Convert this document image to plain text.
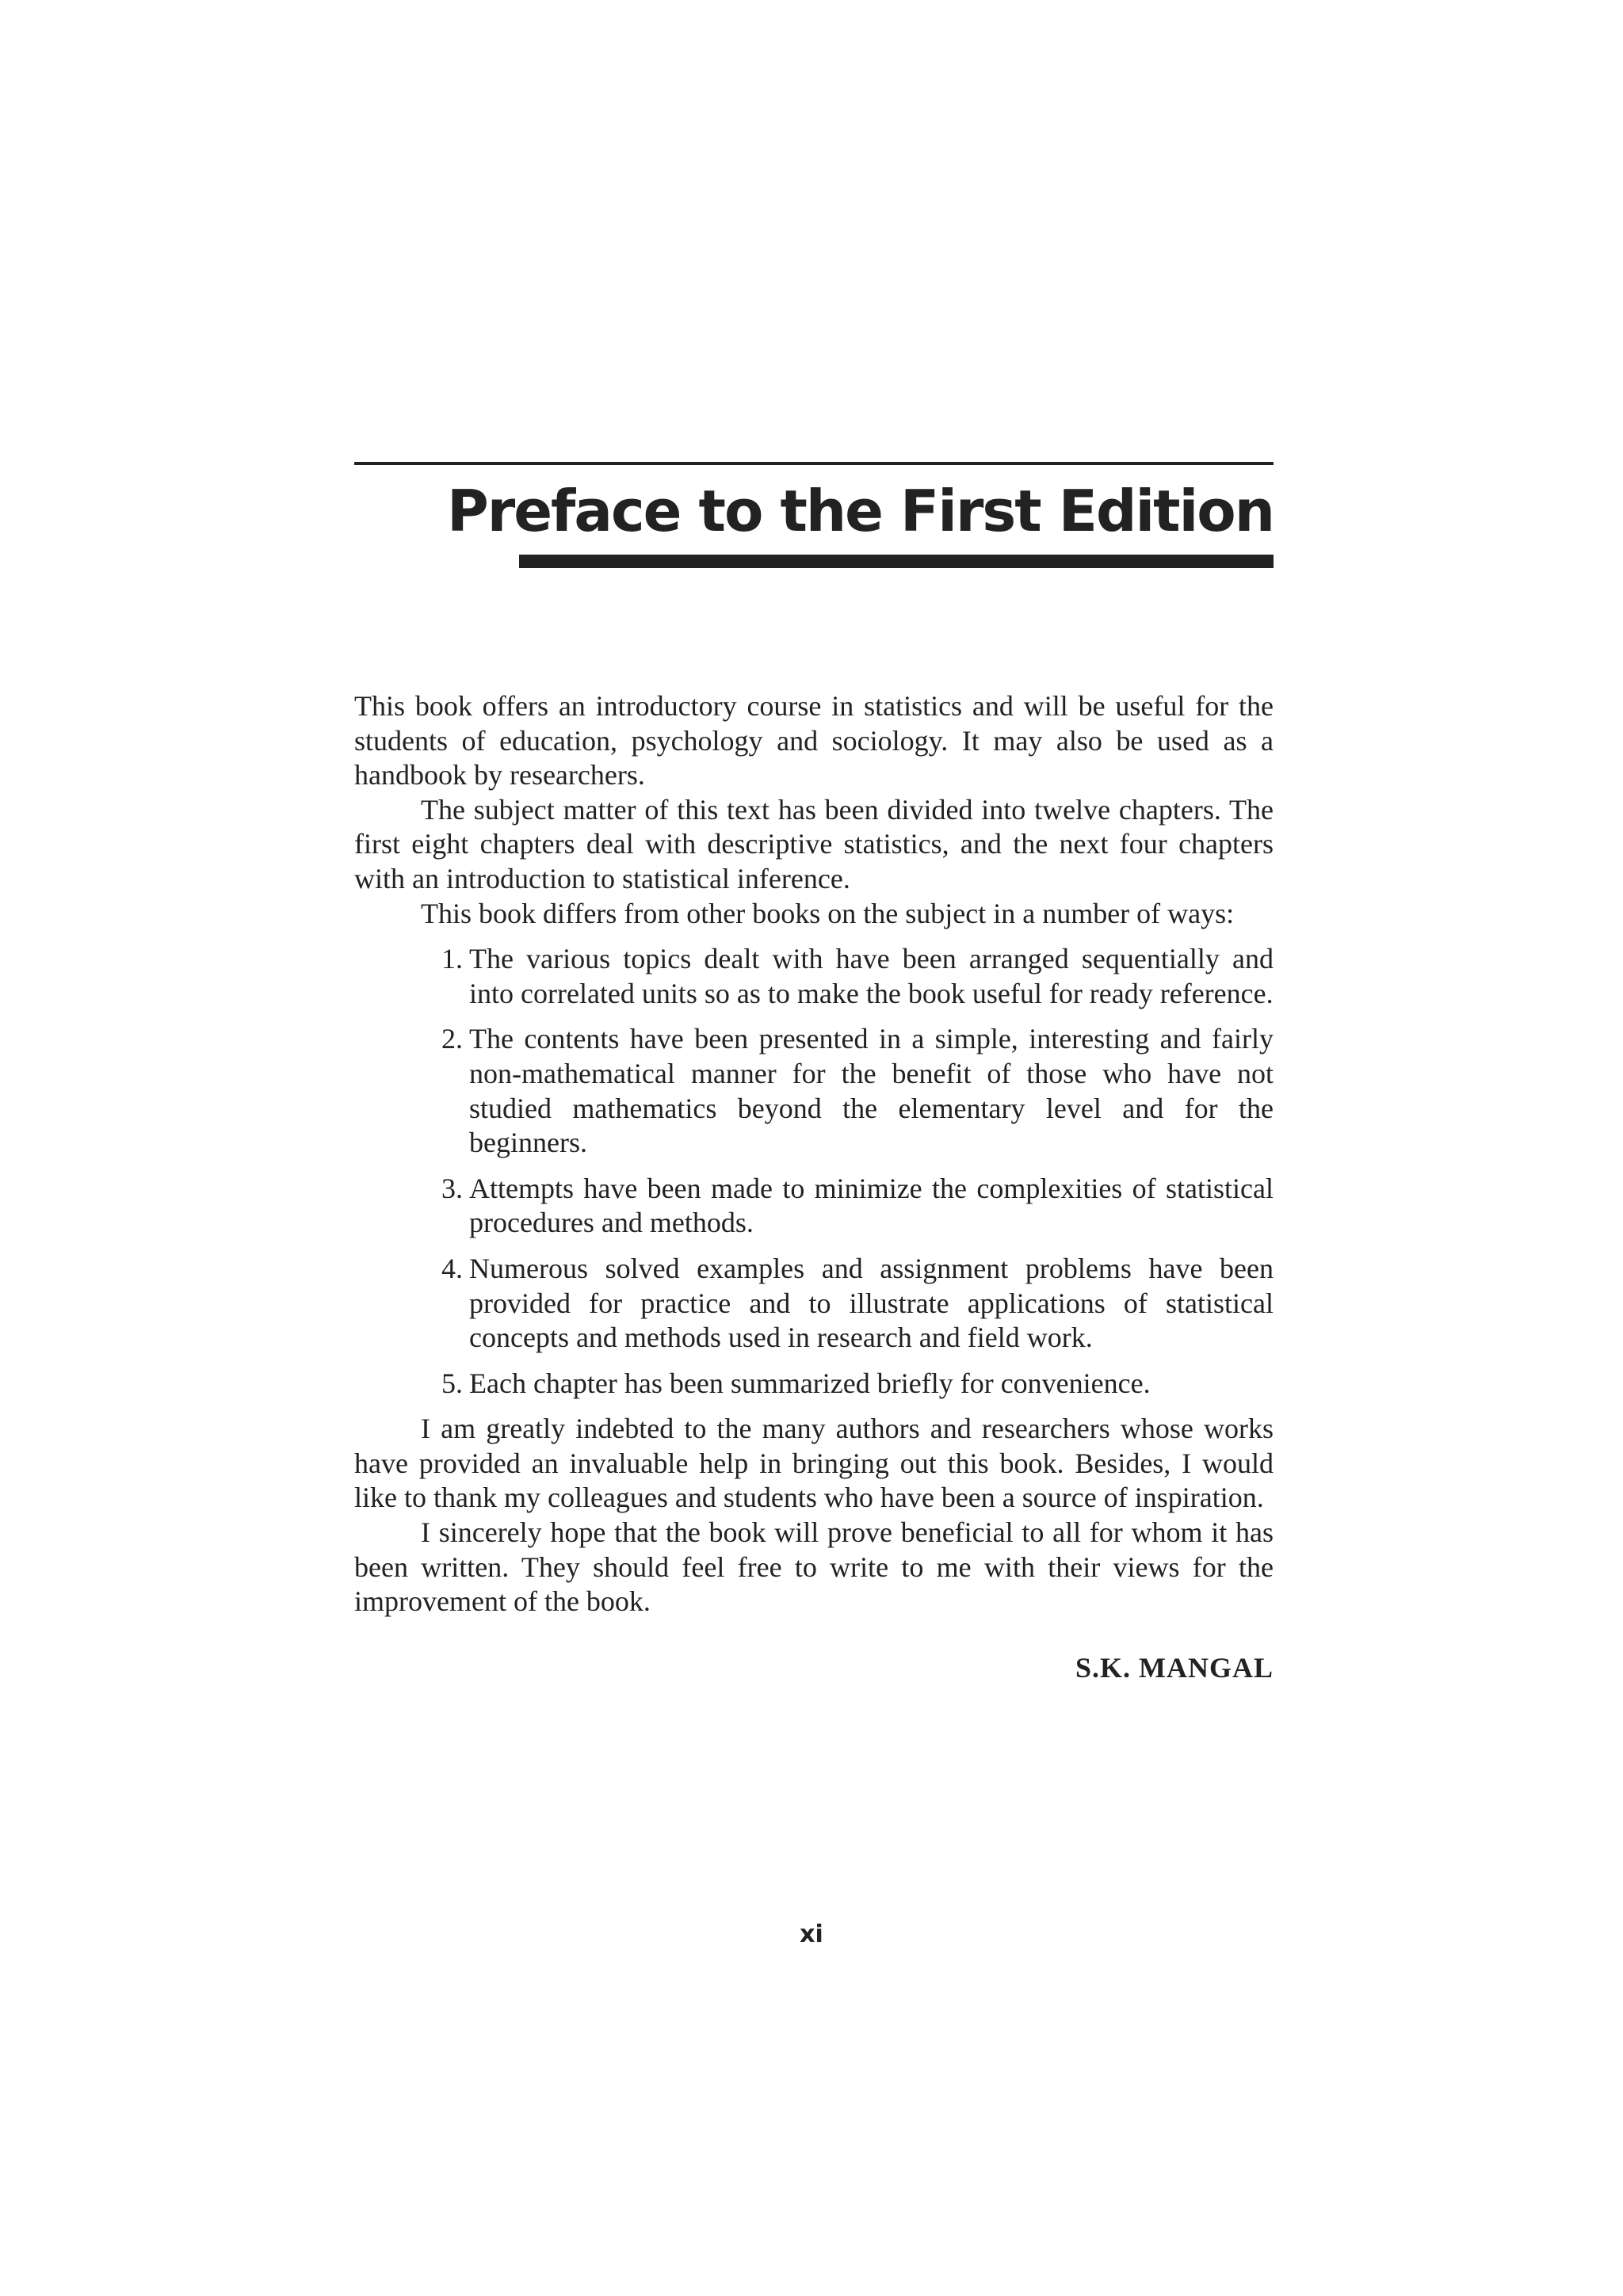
Preface to the First Edition

This book offers an introductory course in statistics and will be useful for the students of education, psychology and sociology. It may also be used as a handbook by researchers.

The subject matter of this text has been divided into twelve chapters. The first eight chapters deal with descriptive statistics, and the next four chapters with an introduction to statistical inference.

This book differs from other books on the subject in a number of ways:

1. The various topics dealt with have been arranged sequentially and into correlated units so as to make the book useful for ready reference.
2. The contents have been presented in a simple, interesting and fairly non-mathematical manner for the benefit of those who have not studied mathematics beyond the elementary level and for the beginners.
3. Attempts have been made to minimize the complexities of statistical procedures and methods.
4. Numerous solved examples and assignment problems have been provided for practice and to illustrate applications of statistical concepts and methods used in research and field work.
5. Each chapter has been summarized briefly for convenience.

I am greatly indebted to the many authors and researchers whose works have provided an invaluable help in bringing out this book. Besides, I would like to thank my colleagues and students who have been a source of inspiration.

I sincerely hope that the book will prove beneficial to all for whom it has been written. They should feel free to write to me with their views for the improvement of the book.

S.K. MANGAL

xi
